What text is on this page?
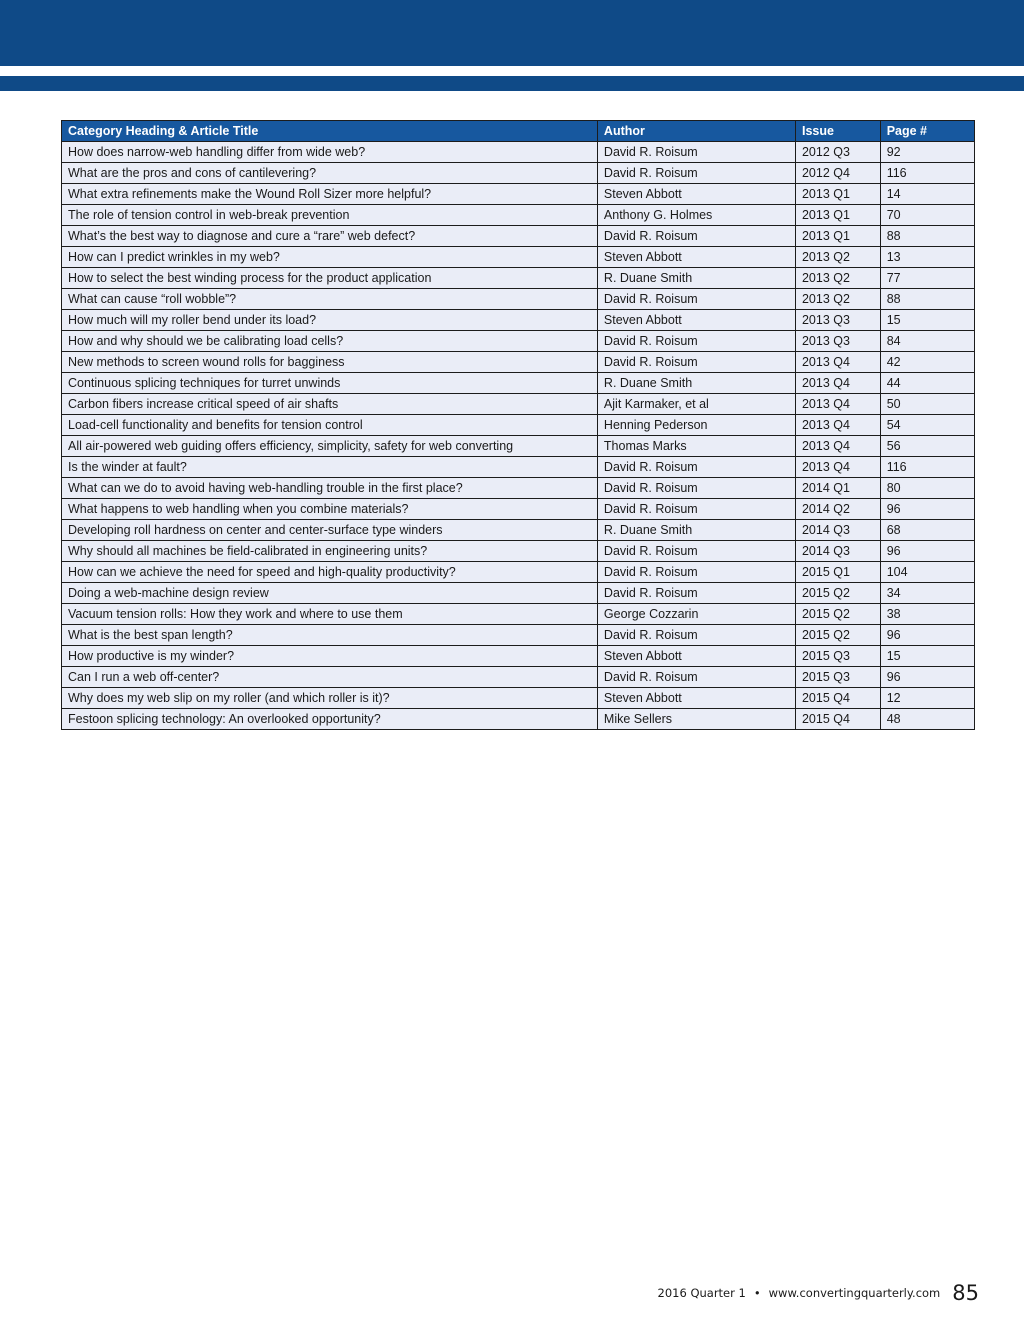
Category Heading & Article Title	Author	Issue	Page #
How does narrow-web handling differ from wide web?	David R. Roisum	2012 Q3	92
What are the pros and cons of cantilevering?	David R. Roisum	2012 Q4	116
What extra refinements make the Wound Roll Sizer more helpful?	Steven Abbott	2013 Q1	14
The role of tension control in web-break prevention	Anthony G. Holmes	2013 Q1	70
What’s the best way to diagnose and cure a “rare” web defect?	David R. Roisum	2013 Q1	88
How can I predict wrinkles in my web?	Steven Abbott	2013 Q2	13
How to select the best winding process for the product application	R. Duane Smith	2013 Q2	77
What can cause “roll wobble”?	David R. Roisum	2013 Q2	88
How much will my roller bend under its load?	Steven Abbott	2013 Q3	15
How and why should we be calibrating load cells?	David R. Roisum	2013 Q3	84
New methods to screen wound rolls for bagginess	David R. Roisum	2013 Q4	42
Continuous splicing techniques for turret unwinds	R. Duane Smith	2013 Q4	44
Carbon fibers increase critical speed of air shafts	Ajit Karmaker, et al	2013 Q4	50
Load-cell functionality and benefits for tension control	Henning Pederson	2013 Q4	54
All air-powered web guiding offers efficiency, simplicity, safety for web converting	Thomas Marks	2013 Q4	56
Is the winder at fault?	David R. Roisum	2013 Q4	116
What can we do to avoid having web-handling trouble in the first place?	David R. Roisum	2014 Q1	80
What happens to web handling when you combine materials?	David R. Roisum	2014 Q2	96
Developing roll hardness on center and center-surface type winders	R. Duane Smith	2014 Q3	68
Why should all machines be field-calibrated in engineering units?	David R. Roisum	2014 Q3	96
How can we achieve the need for speed and high-quality productivity?	David R. Roisum	2015 Q1	104
Doing a web-machine design review	David R. Roisum	2015 Q2	34
Vacuum tension rolls: How they work and where to use them	George Cozzarin	2015 Q2	38
What is the best span length?	David R. Roisum	2015 Q2	96
How productive is my winder?	Steven Abbott	2015 Q3	15
Can I run a web off-center?	David R. Roisum	2015 Q3	96
Why does my web slip on my roller (and which roller is it)?	Steven Abbott	2015 Q4	12
Festoon splicing technology: An overlooked opportunity?	Mike Sellers	2015 Q4	48
2016 Quarter 1 • www.convertingquarterly.com 85
